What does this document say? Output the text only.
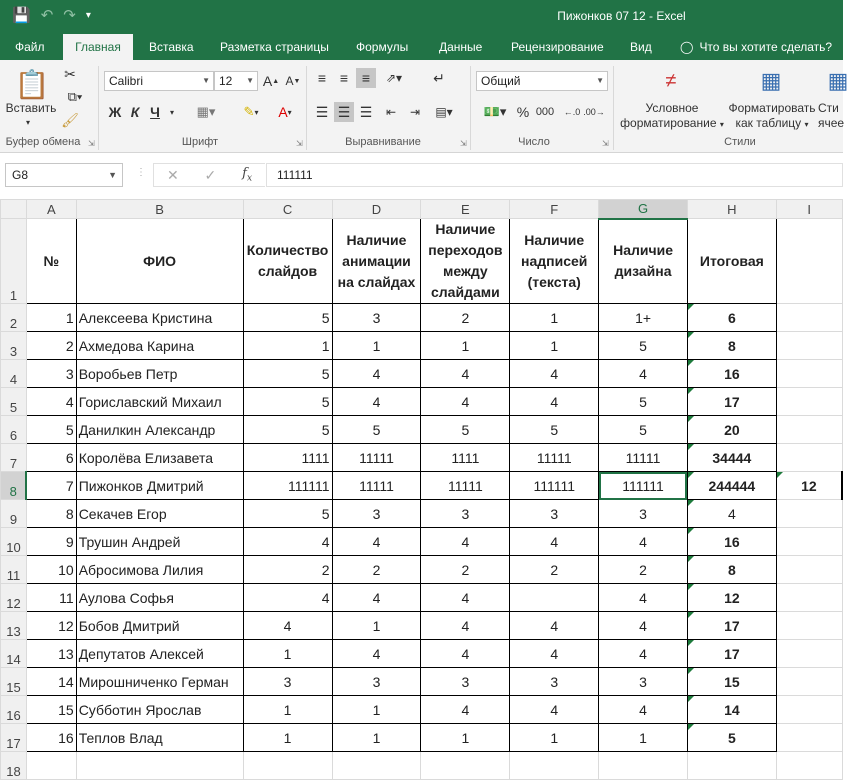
💾 ↶ ↷ ▾	Пижонков 07 12 - Excel
Файл	Главная	Вставка	Разметка страницы	Формулы	Данные	Рецензирование	Вид	◯ Что вы хотите сделать?
📋
Вставить
▾
✂
⧉▾
🖌
Буфер обмена ⇲
Calibri	▼ 12 ▼ A ▲ A ▼
Ж К Ч	▾	▦▾	✎ ▾	A ▾
Шрифт	⇲
≡ ≡ ≡	⇗▾	↵
☰ ☰ ☰	⇤	⇥	▤▾
Выравнивание	⇲
Общий	▼
💵▾ % 000 ←.0 .00→
Число	⇲
≠
Условное
форматирование ▾
▦
Форматировать
как таблицу ▾
▦
Сти
ячее
Стили
G8	▼ ⋮ ✕ ✓ $f_x$	111111
	A	B	C	D	E	F	G	H	I
1	№	ФИО	Количество слайдов	Наличие анимации на слайдах	Наличие переходов между слайдами	Наличие надписей (текста)	Наличие дизайна	Итоговая	
2	1	Алексеева Кристина	5	3	2	1	1+	6	
3	2	Ахмедова Карина	1	1	1	1	5	8	
4	3	Воробьев Петр	5	4	4	4	4	16	
5	4	Гориславский Михаил	5	4	4	4	5	17	
6	5	Данилкин Александр	5	5	5	5	5	20	
7	6	Королёва Елизавета	1111	11111	1111	11111	11111	34444	
8	7	Пижонков Дмитрий	111111	11111	11111	111111	111111	244444	12
9	8	Секачев Егор	5	3	3	3	3	4	
10	9	Трушин Андрей	4	4	4	4	4	16	
11	10	Абросимова Лилия	2	2	2	2	2	8	
12	11	Аулова Софья	4	4	4		4	12	
13	12	Бобов Дмитрий	4	1	4	4	4	17	
14	13	Депутатов Алексей	1	4	4	4	4	17	
15	14	Мирошниченко Герман	3	3	3	3	3	15	
16	15	Субботин Ярослав	1	1	4	4	4	14	
17	16	Теплов Влад	1	1	1	1	1	5	
18									
